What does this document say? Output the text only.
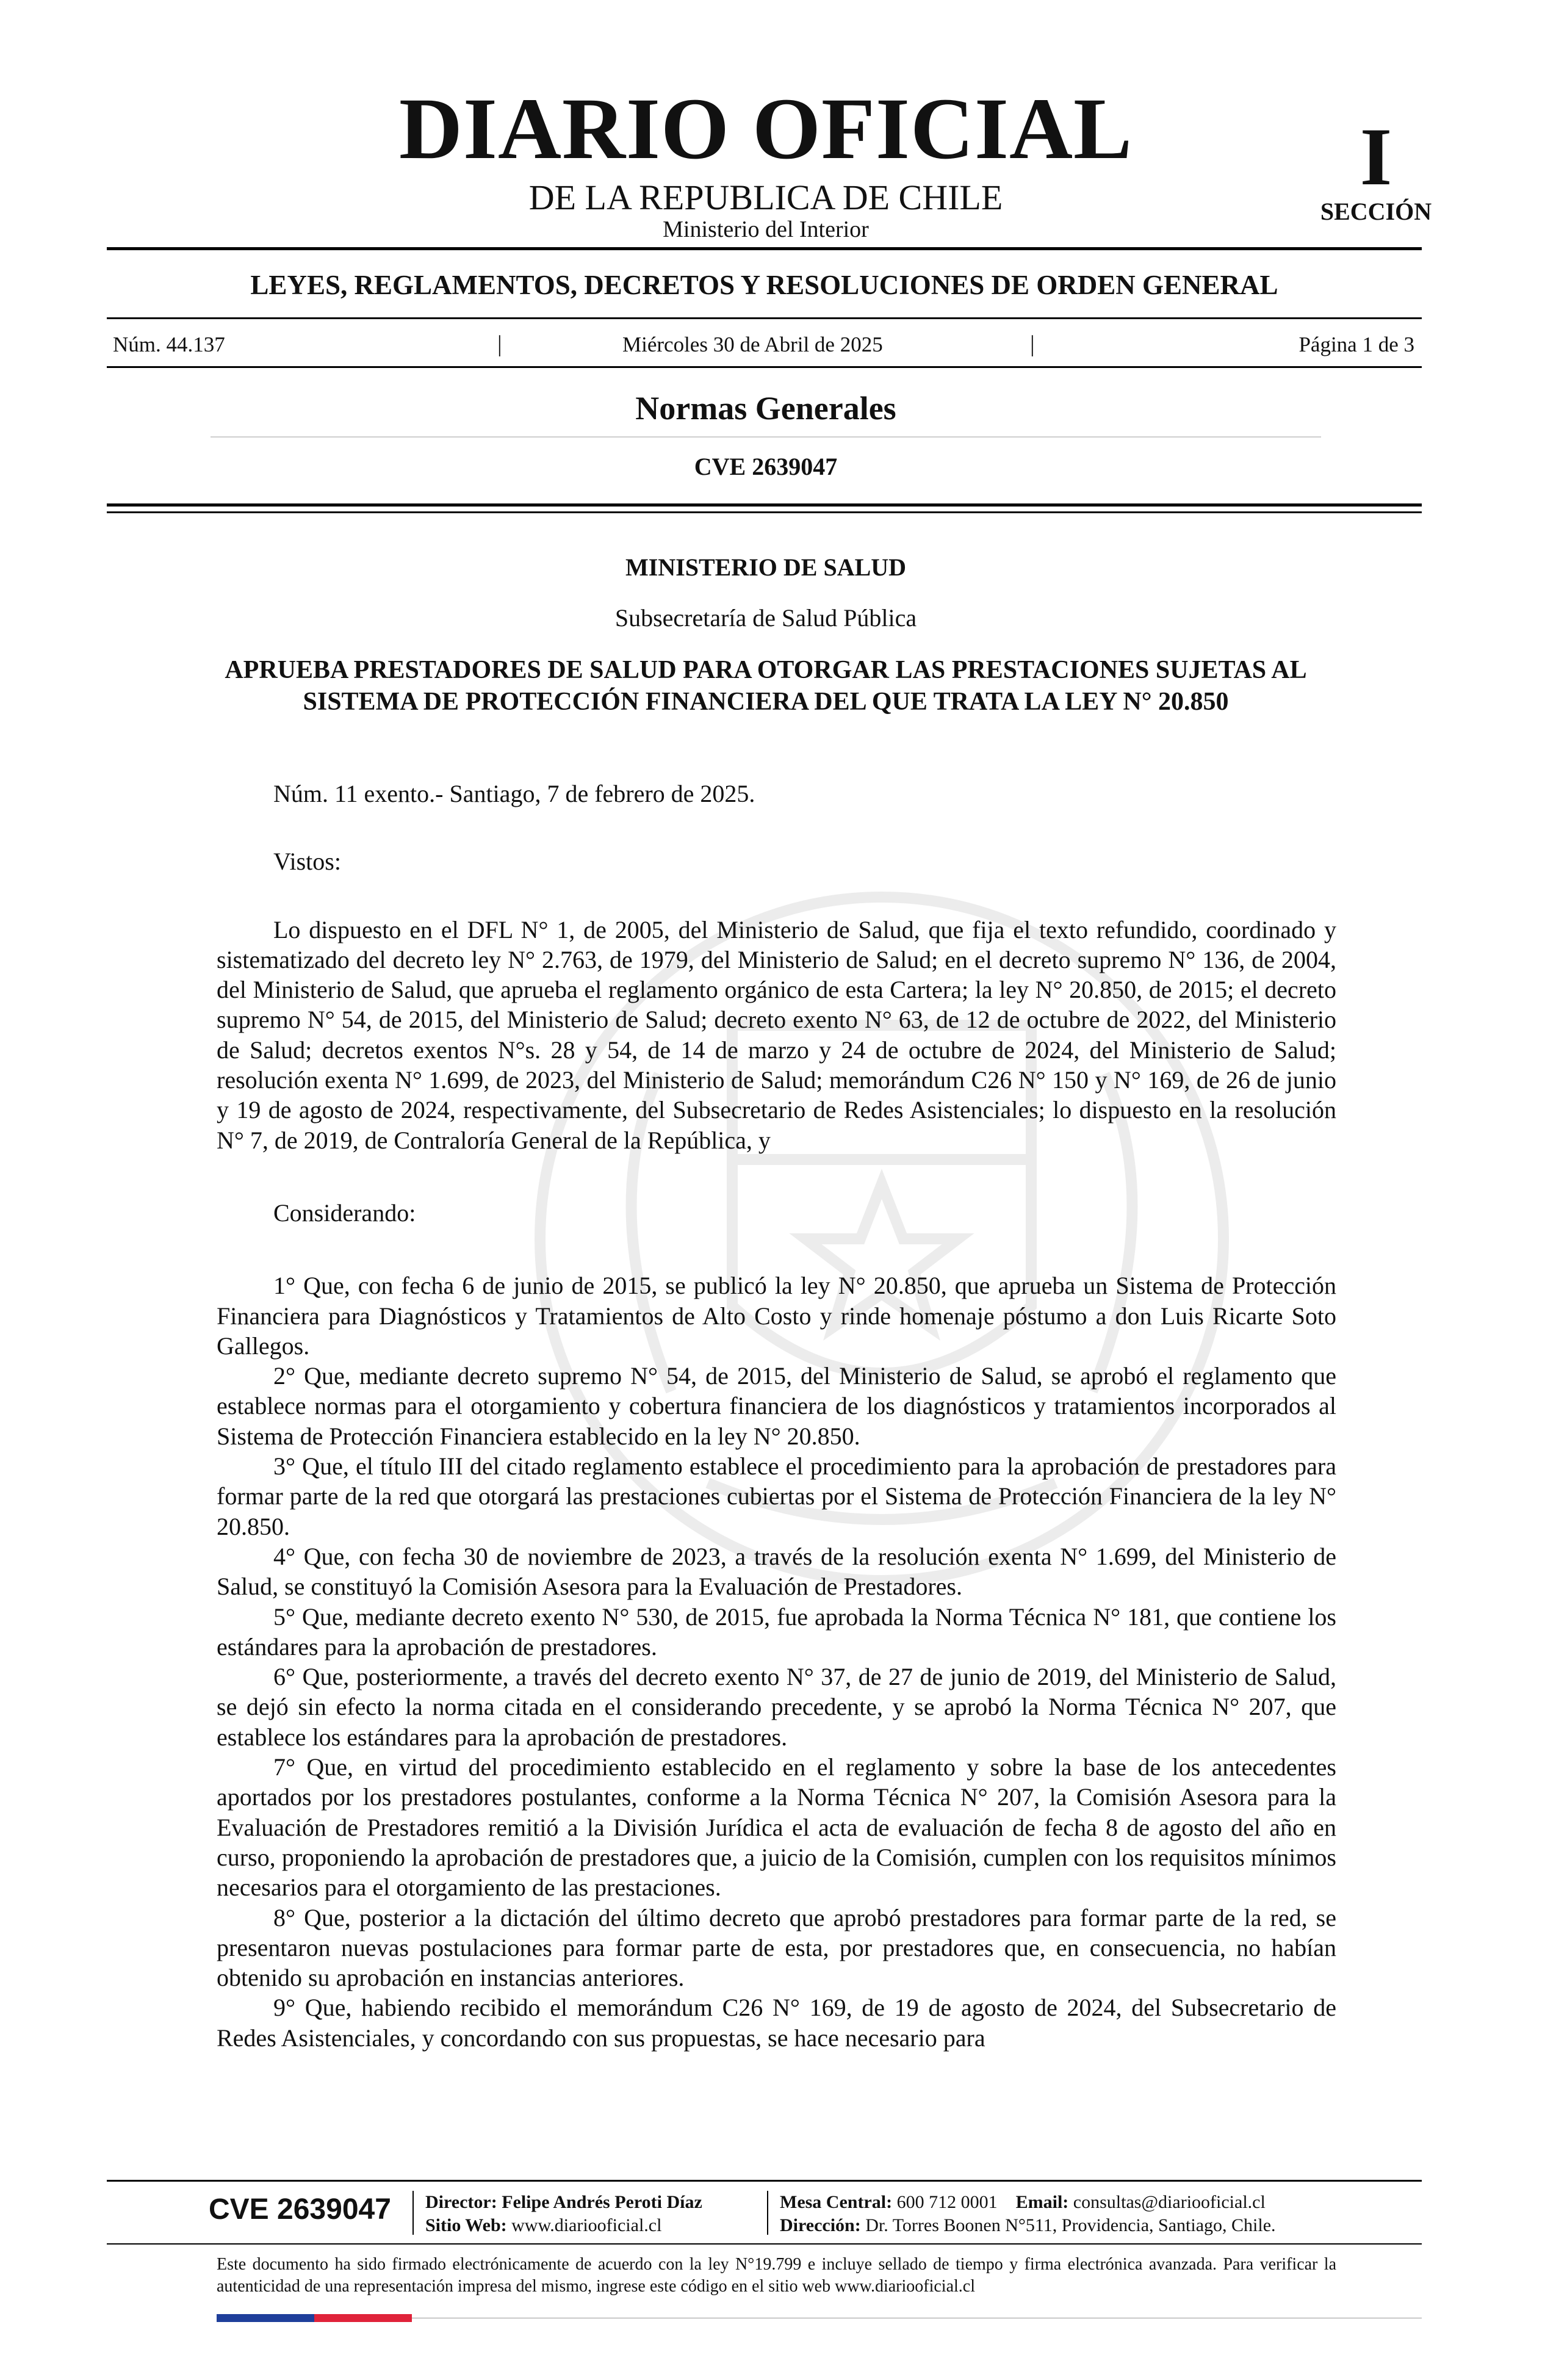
DIARIO OFICIAL
DE LA REPUBLICA DE CHILE
Ministerio del Interior
I
SECCIÓN
LEYES, REGLAMENTOS, DECRETOS Y RESOLUCIONES DE ORDEN GENERAL
Núm. 44.137	|	Miércoles 30 de Abril de 2025	|	Página 1 de 3
Normas Generales
CVE 2639047
MINISTERIO DE SALUD
Subsecretaría de Salud Pública
APRUEBA PRESTADORES DE SALUD PARA OTORGAR LAS PRESTACIONES SUJETAS AL SISTEMA DE PROTECCIÓN FINANCIERA DEL QUE TRATA LA LEY N° 20.850

Núm. 11 exento.- Santiago, 7 de febrero de 2025.

Vistos:

Lo dispuesto en el DFL N° 1, de 2005, del Ministerio de Salud, que fija el texto refundido, coordinado y sistematizado del decreto ley N° 2.763, de 1979, del Ministerio de Salud; en el decreto supremo N° 136, de 2004, del Ministerio de Salud, que aprueba el reglamento orgánico de esta Cartera; la ley N° 20.850, de 2015; el decreto supremo N° 54, de 2015, del Ministerio de Salud; decreto exento N° 63, de 12 de octubre de 2022, del Ministerio de Salud; decretos exentos N°s. 28 y 54, de 14 de marzo y 24 de octubre de 2024, del Ministerio de Salud; resolución exenta N° 1.699, de 2023, del Ministerio de Salud; memorándum C26 N° 150 y N° 169, de 26 de junio y 19 de agosto de 2024, respectivamente, del Subsecretario de Redes Asistenciales; lo dispuesto en la resolución N° 7, de 2019, de Contraloría General de la República, y

Considerando:

1° Que, con fecha 6 de junio de 2015, se publicó la ley N° 20.850, que aprueba un Sistema de Protección Financiera para Diagnósticos y Tratamientos de Alto Costo y rinde homenaje póstumo a don Luis Ricarte Soto Gallegos.

2° Que, mediante decreto supremo N° 54, de 2015, del Ministerio de Salud, se aprobó el reglamento que establece normas para el otorgamiento y cobertura financiera de los diagnósticos y tratamientos incorporados al Sistema de Protección Financiera establecido en la ley N° 20.850.

3° Que, el título III del citado reglamento establece el procedimiento para la aprobación de prestadores para formar parte de la red que otorgará las prestaciones cubiertas por el Sistema de Protección Financiera de la ley N° 20.850.

4° Que, con fecha 30 de noviembre de 2023, a través de la resolución exenta N° 1.699, del Ministerio de Salud, se constituyó la Comisión Asesora para la Evaluación de Prestadores.

5° Que, mediante decreto exento N° 530, de 2015, fue aprobada la Norma Técnica N° 181, que contiene los estándares para la aprobación de prestadores.

6° Que, posteriormente, a través del decreto exento N° 37, de 27 de junio de 2019, del Ministerio de Salud, se dejó sin efecto la norma citada en el considerando precedente, y se aprobó la Norma Técnica N° 207, que establece los estándares para la aprobación de prestadores.

7° Que, en virtud del procedimiento establecido en el reglamento y sobre la base de los antecedentes aportados por los prestadores postulantes, conforme a la Norma Técnica N° 207, la Comisión Asesora para la Evaluación de Prestadores remitió a la División Jurídica el acta de evaluación de fecha 8 de agosto del año en curso, proponiendo la aprobación de prestadores que, a juicio de la Comisión, cumplen con los requisitos mínimos necesarios para el otorgamiento de las prestaciones.

8° Que, posterior a la dictación del último decreto que aprobó prestadores para formar parte de la red, se presentaron nuevas postulaciones para formar parte de esta, por prestadores que, en consecuencia, no habían obtenido su aprobación en instancias anteriores.

9° Que, habiendo recibido el memorándum C26 N° 169, de 19 de agosto de 2024, del Subsecretario de Redes Asistenciales, y concordando con sus propuestas, se hace necesario para

CVE 2639047 Director: Felipe Andrés Peroti Díaz
Sitio Web: www.diariooficial.cl
Mesa Central: 600 712 0001 Email: consultas@diariooficial.cl
Dirección: Dr. Torres Boonen N°511, Providencia, Santiago, Chile.
Este documento ha sido firmado electrónicamente de acuerdo con la ley N°19.799 e incluye sellado de tiempo y firma electrónica avanzada. Para verificar la autenticidad de una representación impresa del mismo, ingrese este código en el sitio web www.diariooficial.cl
